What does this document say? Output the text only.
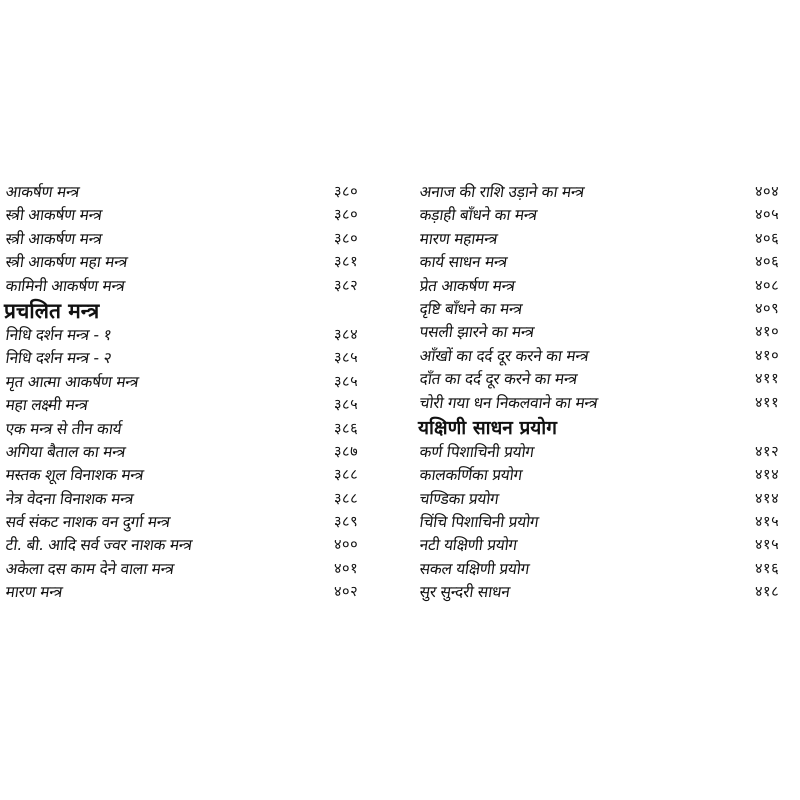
आकर्षण मन्त्र	३८०
स्त्री आकर्षण मन्त्र	३८०
स्त्री आकर्षण मन्त्र	३८०
स्त्री आकर्षण महा मन्त्र	३८१
कामिनी आकर्षण मन्त्र	३८२
प्रचलित मन्त्र
निधि दर्शन मन्त्र - १	३८४
निधि दर्शन मन्त्र - २	३८५
मृत आत्मा आकर्षण मन्त्र	३८५
महा लक्ष्मी मन्त्र	३८५
एक मन्त्र से तीन कार्य	३८६
अगिया बैताल का मन्त्र	३८७
मस्तक शूल विनाशक मन्त्र	३८८
नेत्र वेदना विनाशक मन्त्र	३८८
सर्व संकट नाशक वन दुर्गा मन्त्र	३८९
टी. बी. आदि सर्व ज्वर नाशक मन्त्र	४००
अकेला दस काम देने वाला मन्त्र	४०१
मारण मन्त्र	४०२
अनाज की राशि उड़ाने का मन्त्र	४०४
कड़ाही बाँधने का मन्त्र	४०५
मारण महामन्त्र	४०६
कार्य साधन मन्त्र	४०६
प्रेत आकर्षण मन्त्र	४०८
दृष्टि बाँधने का मन्त्र	४०९
पसली झारने का मन्त्र	४१०
आँखों का दर्द दूर करने का मन्त्र	४१०
दाँत का दर्द दूर करने का मन्त्र	४११
चोरी गया धन निकलवाने का मन्त्र	४११
यक्षिणी साधन प्रयोग
कर्ण पिशाचिनी प्रयोग	४१२
कालकर्णिका प्रयोग	४१४
चण्डिका प्रयोग	४१४
चिंचि पिशाचिनी प्रयोग	४१५
नटी यक्षिणी प्रयोग	४१५
सकल यक्षिणी प्रयोग	४१६
सुर सुन्दरी साधन	४१८
